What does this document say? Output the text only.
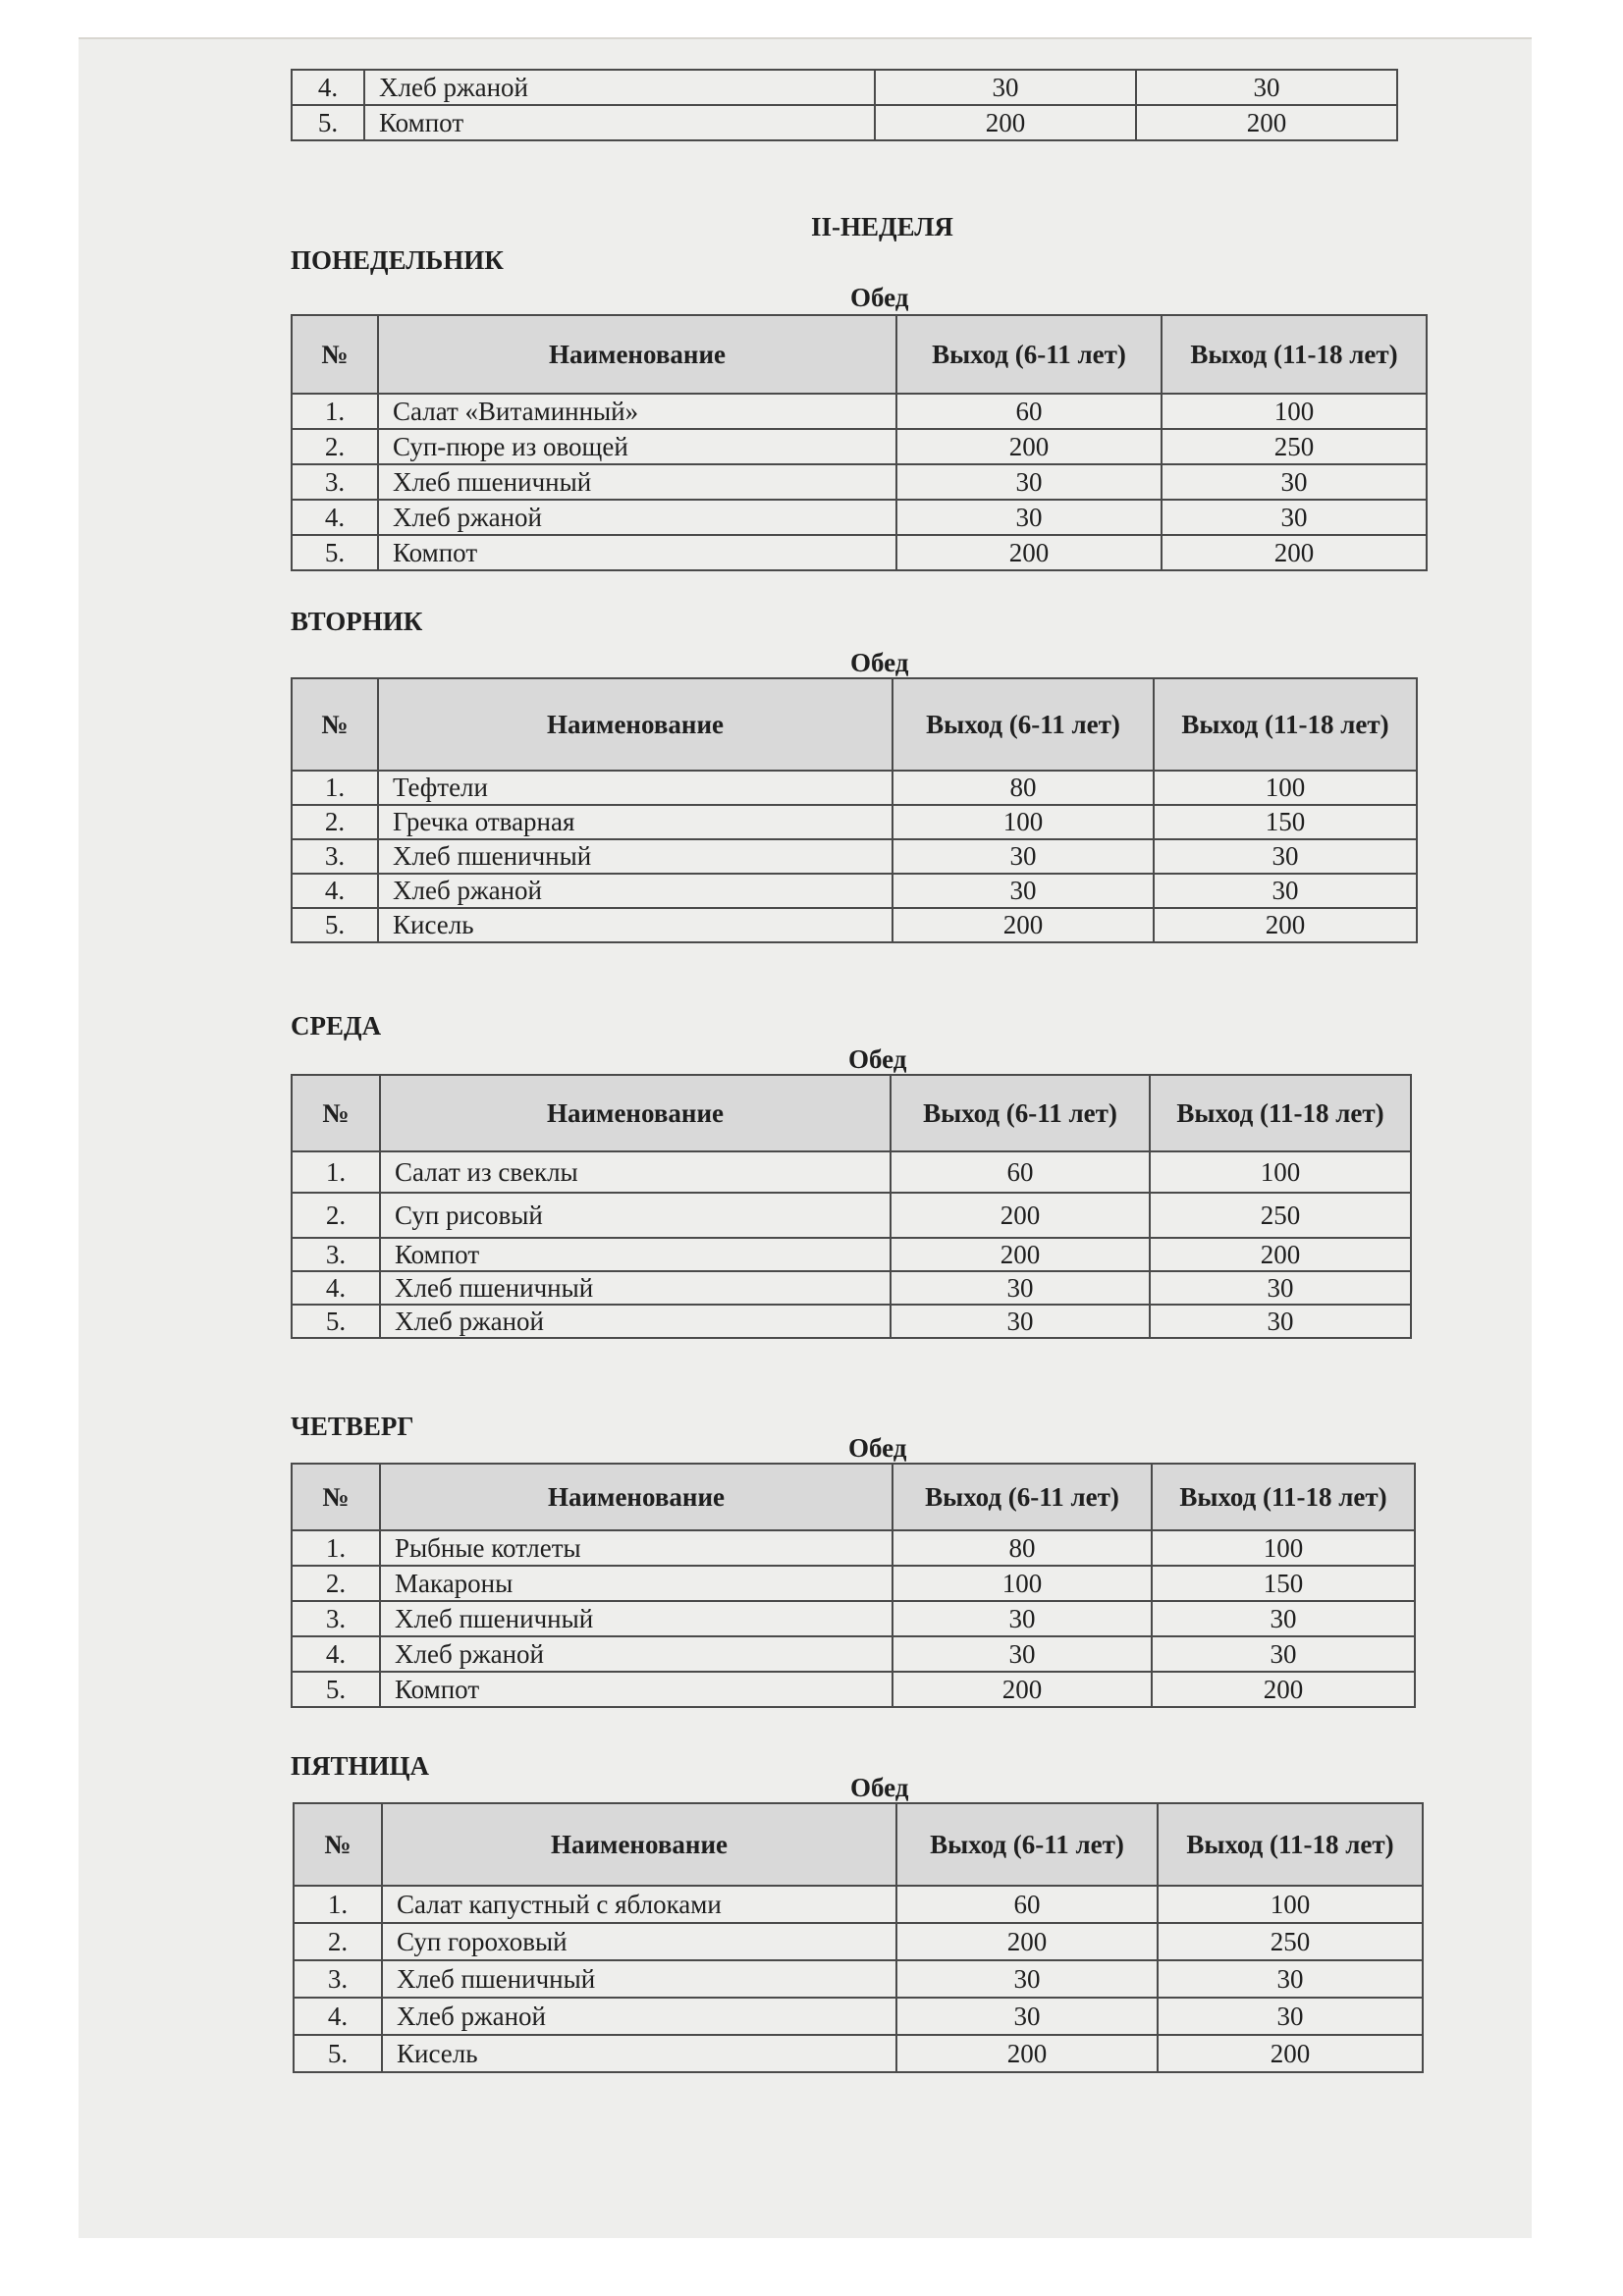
4.	Хлеб ржаной	30	30
5.	Компот	200	200
II-НЕДЕЛЯ
ПОНЕДЕЛЬНИК
Обед
№	Наименование	Выход (6-11 лет)	Выход (11-18 лет)
1.	Салат «Витаминный»	60	100
2.	Суп-пюре из овощей	200	250
3.	Хлеб пшеничный	30	30
4.	Хлеб ржаной	30	30
5.	Компот	200	200
ВТОРНИК
Обед
№	Наименование	Выход (6-11 лет)	Выход (11-18 лет)
1.	Тефтели	80	100
2.	Гречка отварная	100	150
3.	Хлеб пшеничный	30	30
4.	Хлеб ржаной	30	30
5.	Кисель	200	200
СРЕДА
Обед
№	Наименование	Выход (6-11 лет)	Выход (11-18 лет)
1.	Салат из свеклы	60	100
2.	Суп рисовый	200	250
3.	Компот	200	200
4.	Хлеб пшеничный	30	30
5.	Хлеб ржаной	30	30
ЧЕТВЕРГ
Обед
№	Наименование	Выход (6-11 лет)	Выход (11-18 лет)
1.	Рыбные котлеты	80	100
2.	Макароны	100	150
3.	Хлеб пшеничный	30	30
4.	Хлеб ржаной	30	30
5.	Компот	200	200
ПЯТНИЦА
Обед
№	Наименование	Выход (6-11 лет)	Выход (11-18 лет)
1.	Салат капустный с яблоками	60	100
2.	Суп гороховый	200	250
3.	Хлеб пшеничный	30	30
4.	Хлеб ржаной	30	30
5.	Кисель	200	200
